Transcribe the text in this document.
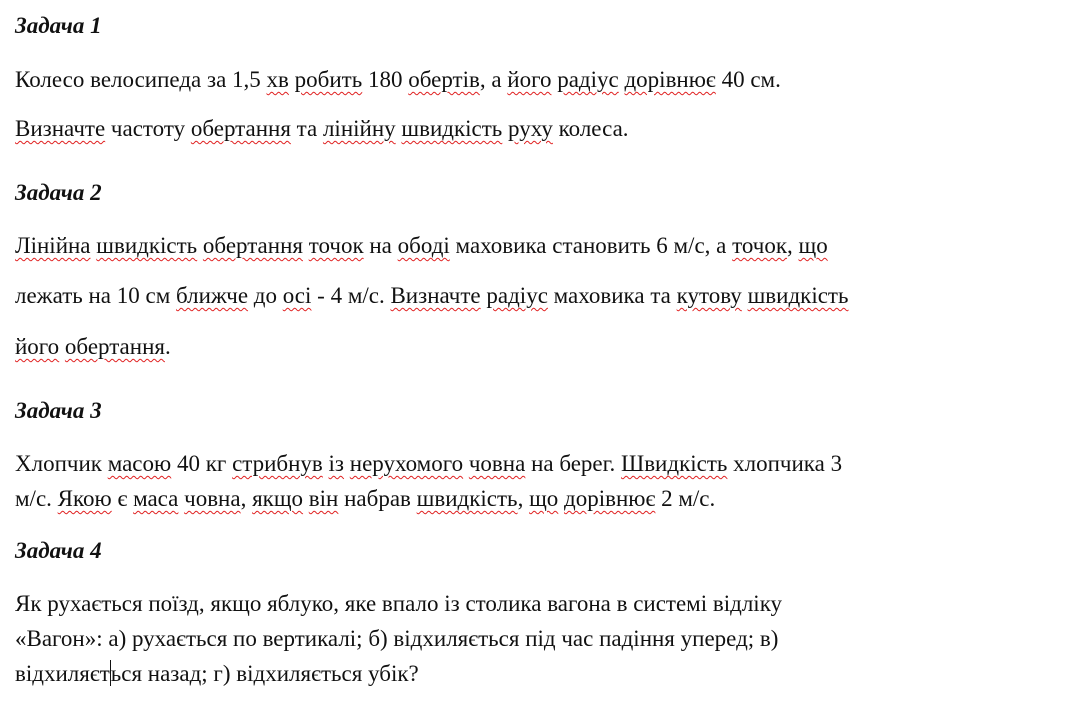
Задача 1
Колесо велосипеда за 1,5 хв робить 180 обертів, а його радіус дорівнює 40 см.
Визначте частоту обертання та лінійну швидкість руху колеса.
Задача 2
Лінійна швидкість обертання точок на ободі маховика становить 6 м/с, а точок, що
лежать на 10 см ближче до осі - 4 м/с. Визначте радіус маховика та кутову швидкість
його обертання.
Задача 3
Хлопчик масою 40 кг стрибнув із нерухомого човна на берег. Швидкість хлопчика 3
м/с. Якою є маса човна, якщо він набрав швидкість, що дорівнює 2 м/с.
Задача 4
Як рухається поїзд, якщо яблуко, яке впало із столика вагона в системі відліку
«Вагон»: а) рухається по вертикалі; б) відхиляється під час падіння уперед; в)
відхиляється назад; г) відхиляється убік?
